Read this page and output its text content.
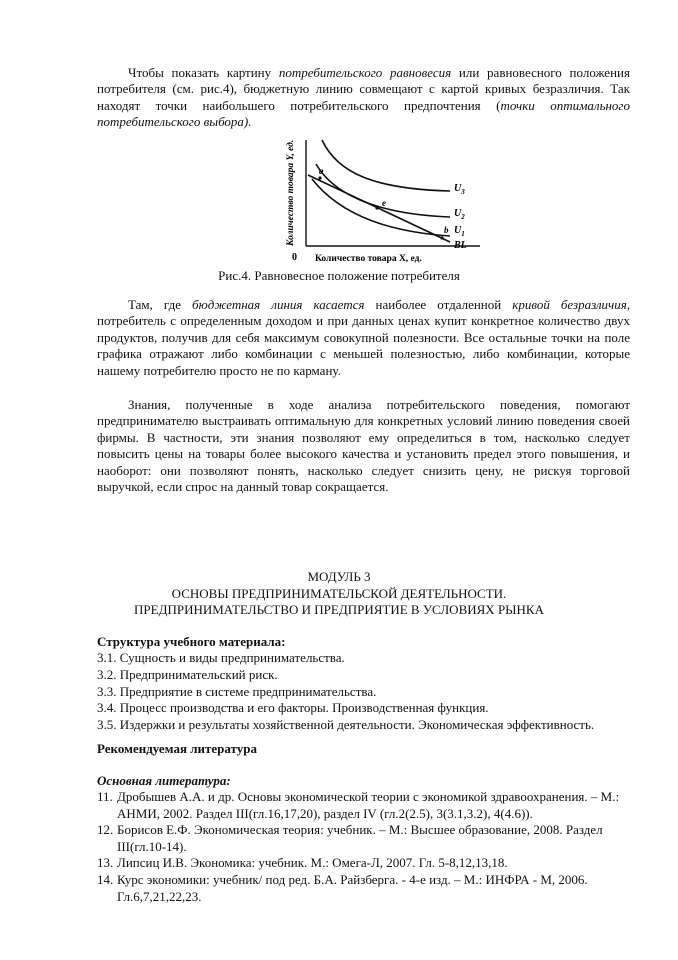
Чтобы показать картину потребительского равновесия или равновесного положения потребителя (см. рис.4), бюджетную линию совмещают с картой кривых безразличия. Так находят точки наибольшего потребительского предпочтения (точки оптимального потребительского выбора).

Количество товара Y, ед.
0 Количество товара X, ед.
a
e
b
$U_3$
$U_2$
$U_1$
BL

Рис.4. Равновесное положение потребителя

Там, где бюджетная линия касается наиболее отдаленной кривой безразличия, потребитель с определенным доходом и при данных ценах купит конкретное количество двух продуктов, получив для себя максимум совокупной полезности. Все остальные точки на поле графика отражают либо комбинации с меньшей полезностью, либо комбинации, которые нашему потребителю просто не по карману.

Знания, полученные в ходе анализа потребительского поведения, помогают предпринимателю выстраивать оптимальную для конкретных условий линию поведения своей фирмы. В частности, эти знания позволяют ему определиться в том, насколько следует повысить цены на товары более высокого качества и установить предел этого повышения, и наоборот: они позволяют понять, насколько следует снизить цену, не рискуя торговой выручкой, если спрос на данный товар сокращается.

МОДУЛЬ 3
ОСНОВЫ ПРЕДПРИНИМАТЕЛЬСКОЙ ДЕЯТЕЛЬНОСТИ.
ПРЕДПРИНИМАТЕЛЬСТВО И ПРЕДПРИЯТИЕ В УСЛОВИЯХ РЫНКА

Структура учебного материала:

3.1. Сущность и виды предпринимательства.
3.2. Предпринимательский риск.
3.3. Предприятие в системе предпринимательства.
3.4. Процесс производства и его факторы. Производственная функция.
3.5. Издержки и результаты хозяйственной деятельности. Экономическая эффективность.

Рекомендуемая литература

Основная литература:

11. Дробышев А.А. и др. Основы экономической теории с экономикой здравоохранения. – М.: АНМИ, 2002. Раздел III(гл.16,17,20), раздел IV (гл.2(2.5), 3(3.1,3.2), 4(4.6)).
12. Борисов Е.Ф. Экономическая теория: учебник. – М.: Высшее образование, 2008. Раздел III(гл.10-14).
13. Липсиц И.В. Экономика: учебник. М.: Омега-Л, 2007. Гл. 5-8,12,13,18.
14. Курс экономики: учебник/ под ред. Б.А. Райзберга. - 4-е изд. – М.: ИНФРА - М, 2006. Гл.6,7,21,22,23.
